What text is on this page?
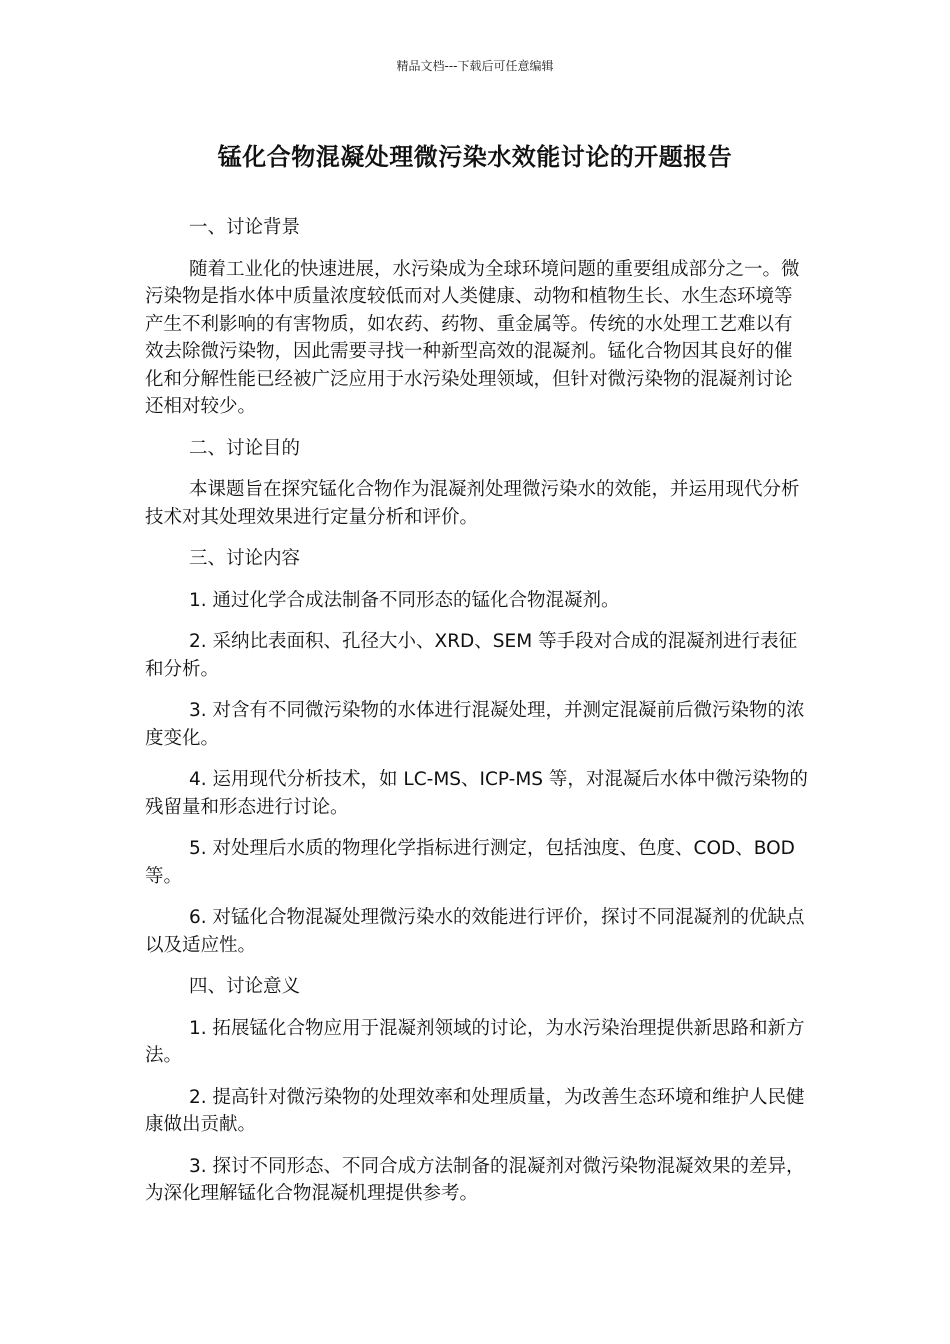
精品文档---下载后可任意编辑
锰化合物混凝处理微污染水效能讨论的开题报告

一、讨论背景

随着工业化的快速进展，水污染成为全球环境问题的重要组成部分之一。微污染物是指水体中质量浓度较低而对人类健康、动物和植物生长、水生态环境等产生不利影响的有害物质，如农药、药物、重金属等。传统的水处理工艺难以有效去除微污染物，因此需要寻找一种新型高效的混凝剂。锰化合物因其良好的催化和分解性能已经被广泛应用于水污染处理领域，但针对微污染物的混凝剂讨论还相对较少。

二、讨论目的

本课题旨在探究锰化合物作为混凝剂处理微污染水的效能，并运用现代分析技术对其处理效果进行定量分析和评价。

三、讨论内容

1. 通过化学合成法制备不同形态的锰化合物混凝剂。

2. 采纳比表面积、孔径大小、XRD、SEM 等手段对合成的混凝剂进行表征和分析。

3. 对含有不同微污染物的水体进行混凝处理，并测定混凝前后微污染物的浓度变化。

4. 运用现代分析技术，如 LC-MS、ICP-MS 等，对混凝后水体中微污染物的残留量和形态进行讨论。

5. 对处理后水质的物理化学指标进行测定，包括浊度、色度、COD、BOD 等。

6. 对锰化合物混凝处理微污染水的效能进行评价，探讨不同混凝剂的优缺点以及适应性。

四、讨论意义

1. 拓展锰化合物应用于混凝剂领域的讨论，为水污染治理提供新思路和新方法。

2. 提高针对微污染物的处理效率和处理质量，为改善生态环境和维护人民健康做出贡献。

3. 探讨不同形态、不同合成方法制备的混凝剂对微污染物混凝效果的差异，为深化理解锰化合物混凝机理提供参考。
